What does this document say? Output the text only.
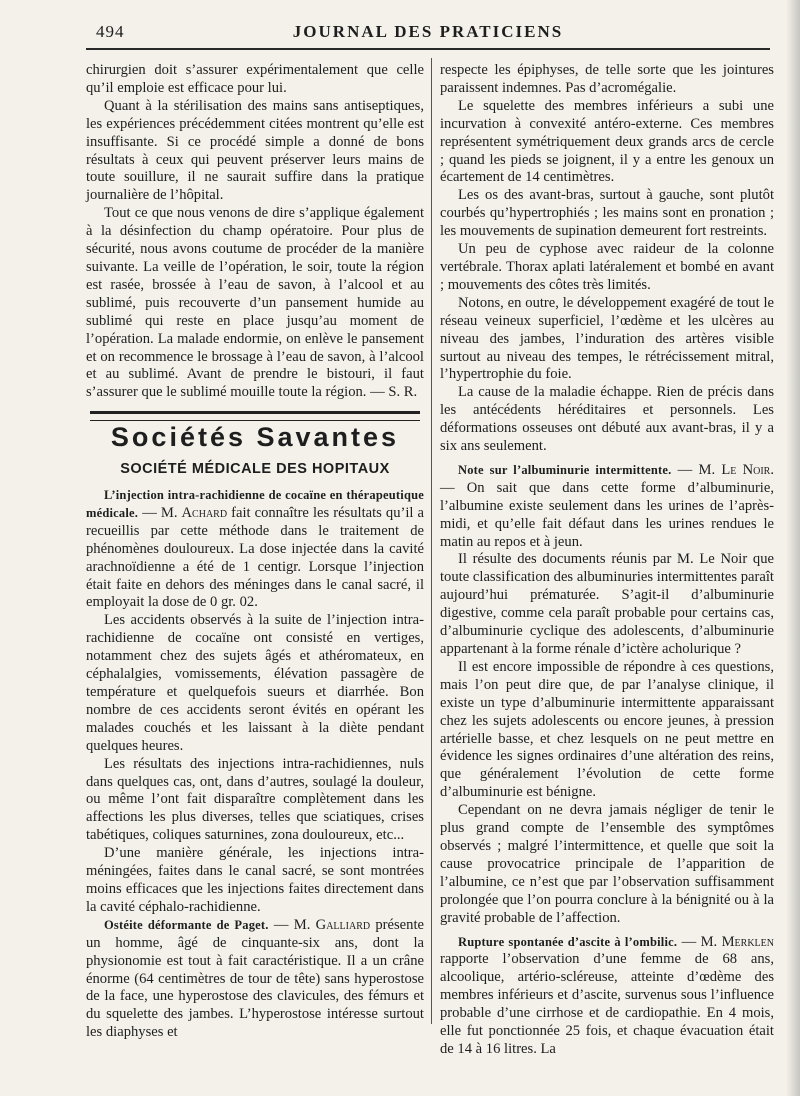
494	JOURNAL DES PRATICIENS

chirurgien doit s’assurer expérimentalement que celle qu’il emploie est efficace pour lui.

Quant à la stérilisation des mains sans antiseptiques, les expériences précédemment citées montrent qu’elle est insuffisante. Si ce procédé simple a donné de bons résultats à ceux qui peuvent préserver leurs mains de toute souillure, il ne saurait suffire dans la pratique journalière de l’hôpital.

Tout ce que nous venons de dire s’applique également à la désinfection du champ opératoire. Pour plus de sécurité, nous avons coutume de procéder de la manière suivante. La veille de l’opération, le soir, toute la région est rasée, brossée à l’eau de savon, à l’alcool et au sublimé, puis recouverte d’un pansement humide au sublimé qui reste en place jusqu’au moment de l’opération. La malade endormie, on enlève le pansement et on recommence le brossage à l’eau de savon, à l’alcool et au sublimé. Avant de prendre le bistouri, il faut s’assurer que le sublimé mouille toute la région. — S. R.

Sociétés Savantes
SOCIÉTÉ MÉDICALE DES HOPITAUX

L’injection intra-rachidienne de cocaïne en thérapeutique médicale. — M. Achard fait connaître les résultats qu’il a recueillis par cette méthode dans le traitement de phénomènes douloureux. La dose injectée dans la cavité arachnoïdienne a été de 1 centigr. Lorsque l’injection était faite en dehors des méninges dans le canal sacré, il employait la dose de 0 gr. 02.

Les accidents observés à la suite de l’injection intra-rachidienne de cocaïne ont consisté en vertiges, notamment chez des sujets âgés et athéromateux, en céphalalgies, vomissements, élévation passagère de température et quelquefois sueurs et diarrhée. Bon nombre de ces accidents seront évités en opérant les malades couchés et les laissant à la diète pendant quelques heures.

Les résultats des injections intra-rachidiennes, nuls dans quelques cas, ont, dans d’autres, soulagé la douleur, ou même l’ont fait disparaître complètement dans les affections les plus diverses, telles que sciatiques, crises tabétiques, coliques saturnines, zona douloureux, etc...

D’une manière générale, les injections intra-méningées, faites dans le canal sacré, se sont montrées moins efficaces que les injections faites directement dans la cavité céphalo-rachidienne.

Ostéite déformante de Paget. — M. Galliard présente un homme, âgé de cinquante-six ans, dont la physionomie est tout à fait caractéristique. Il a un crâne énorme (64 centimètres de tour de tête) sans hyperostose de la face, une hyperostose des clavicules, des fémurs et du squelette des jambes. L’hyperostose intéresse surtout les diaphyses et

respecte les épiphyses, de telle sorte que les jointures paraissent indemnes. Pas d’acromégalie.

Le squelette des membres inférieurs a subi une incurvation à convexité antéro-externe. Ces membres représentent symétriquement deux grands arcs de cercle ; quand les pieds se joignent, il y a entre les genoux un écartement de 14 centimètres.

Les os des avant-bras, surtout à gauche, sont plutôt courbés qu’hypertrophiés ; les mains sont en pronation ; les mouvements de supination demeurent fort restreints.

Un peu de cyphose avec raideur de la colonne vertébrale. Thorax aplati latéralement et bombé en avant ; mouvements des côtes très limités.

Notons, en outre, le développement exagéré de tout le réseau veineux superficiel, l’œdème et les ulcères au niveau des jambes, l’induration des artères visible surtout au niveau des tempes, le rétrécissement mitral, l’hypertrophie du foie.

La cause de la maladie échappe. Rien de précis dans les antécédents héréditaires et personnels. Les déformations osseuses ont débuté aux avant-bras, il y a six ans seulement.

Note sur l’albuminurie intermittente. — M. Le Noir. — On sait que dans cette forme d’albuminurie, l’albumine existe seulement dans les urines de l’après-midi, et qu’elle fait défaut dans les urines rendues le matin au repos et à jeun.

Il résulte des documents réunis par M. Le Noir que toute classification des albuminuries intermittentes paraît aujourd’hui prématurée. S’agit-il d’albuminurie digestive, comme cela paraît probable pour certains cas, d’albuminurie cyclique des adolescents, d’albuminurie appartenant à la forme rénale d’ictère acholurique ?

Il est encore impossible de répondre à ces questions, mais l’on peut dire que, de par l’analyse clinique, il existe un type d’albuminurie intermittente apparaissant chez les sujets adolescents ou encore jeunes, à pression artérielle basse, et chez lesquels on ne peut mettre en évidence les signes ordinaires d’une altération des reins, que généralement l’évolution de cette forme d’albuminurie est bénigne.

Cependant on ne devra jamais négliger de tenir le plus grand compte de l’ensemble des symptômes observés ; malgré l’intermittence, et quelle que soit la cause provocatrice principale de l’apparition de l’albumine, ce n’est que par l’observation suffisamment prolongée que l’on pourra conclure à la bénignité ou à la gravité probable de l’affection.

Rupture spontanée d’ascite à l’ombilic. — M. Merklen rapporte l’observation d’une femme de 68 ans, alcoolique, artério-scléreuse, atteinte d’œdème des membres inférieurs et d’ascite, survenus sous l’influence probable d’une cirrhose et de cardiopathie. En 4 mois, elle fut ponctionnée 25 fois, et chaque évacuation était de 14 à 16 litres. La
